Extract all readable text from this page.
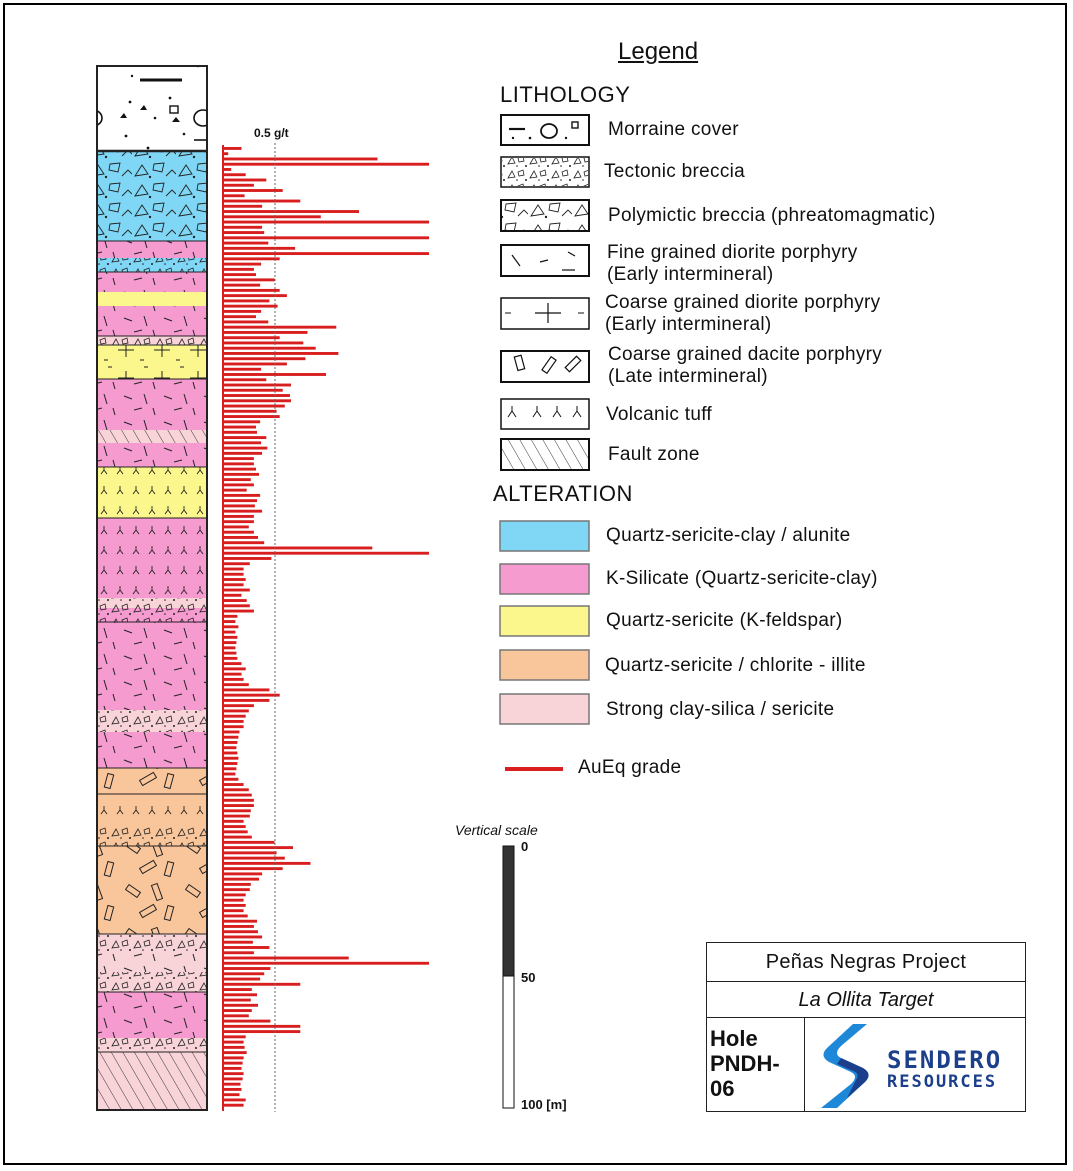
0.5 g/t
0
50
100 [m]
Legend
LITHOLOGY
Morraine cover
Tectonic breccia
Polymictic breccia (phreatomagmatic)
Fine grained diorite porphyry
(Early intermineral)
Coarse grained diorite porphyry
(Early intermineral)
Coarse grained dacite porphyry
(Late intermineral)
Volcanic tuff
Fault zone
ALTERATION
Quartz-sericite-clay / alunite
K-Silicate (Quartz-sericite-clay)
Quartz-sericite (K-feldspar)
Quartz-sericite / chlorite - illite
Strong clay-silica / sericite
AuEq grade
Vertical scale
Peñas Negras Project
La Ollita Target
Hole
PNDH-
06
SENDERO
RESOURCES
